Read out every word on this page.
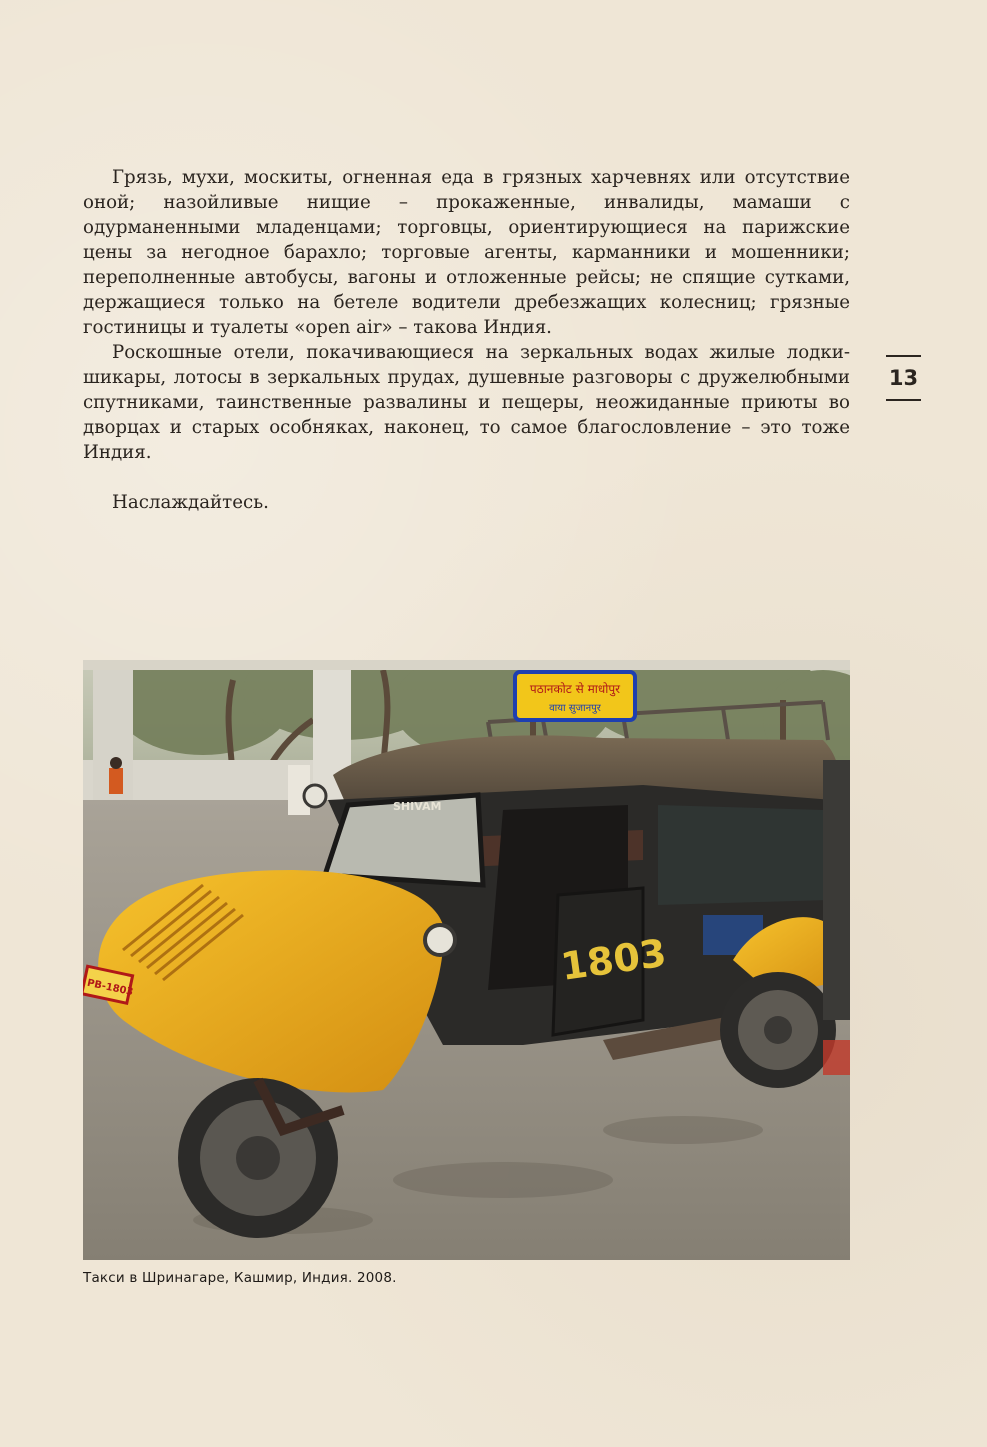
Грязь, мухи, москиты, огненная еда в грязных харчевнях или отсутствие оной; назойливые нищие – прокаженные, инвалиды, мамаши с одурманенными младенцами; торговцы, ориентирующиеся на парижские цены за негодное барахло; торговые агенты, карманники и мошенники; переполненные автобусы, вагоны и отложенные рейсы; не спящие сутками, держащиеся только на бетеле водители дребезжащих колесниц; грязные гостиницы и туалеты «open air» – такова Индия.

Роскошные отели, покачивающиеся на зеркальных водах жилые лодки-шикары, лотосы в зеркальных прудах, душевные разговоры с дружелюбными спутниками, таинственные развалины и пещеры, неожиданные приюты во дворцах и старых особняках, наконец, то самое благословление – это тоже Индия.

Наслаждайтесь.

13
पठानकोट से माधोपुर
वाया सुजानपुर
SHIVAM
1803
PB-1803
Такси в Шринагаре, Кашмир, Индия. 2008.
